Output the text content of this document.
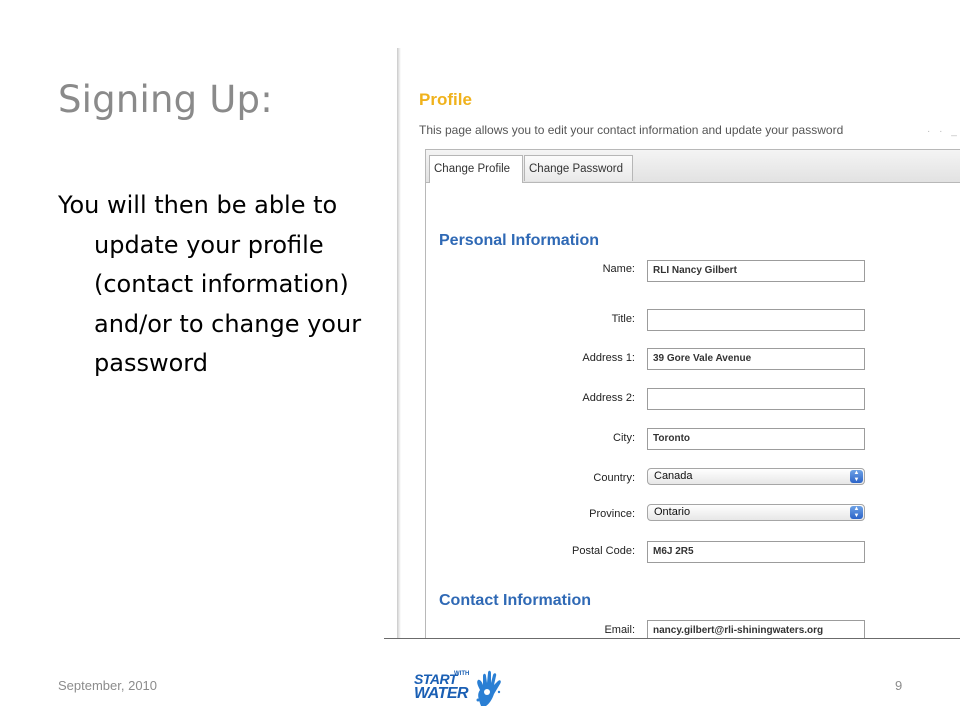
Signing Up:
You will then be able to update your profile (contact information) and/or to change your password
Profile
This page allows you to edit your contact information and update your password	· · _
Change Profile	Change Password
Personal Information
Name:	RLI Nancy Gilbert
Title:
Address 1:	39 Gore Vale Avenue
Address 2:
City:	Toronto
Country:	Canada	▲
▼
Province:	Ontario	▲
▼
Postal Code:	M6J 2R5
Contact Information
Email:	nancy.gilbert@rli-shiningwaters.org
September, 2010	START
WITH
WATER	9
